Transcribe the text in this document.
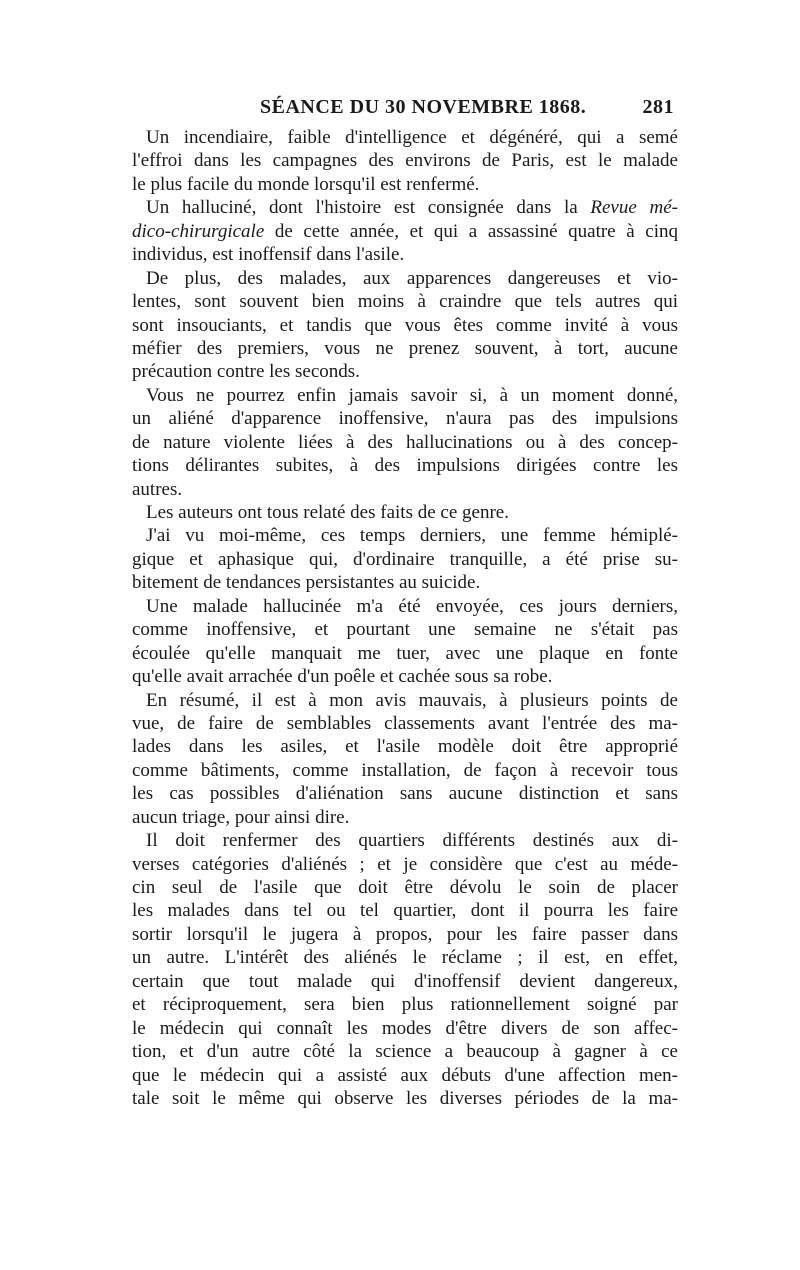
SÉANCE DU 30 NOVEMBRE 1868.	281
Un incendiaire, faible d'intelligence et dégénéré, qui a semé
l'effroi dans les campagnes des environs de Paris, est le malade
le plus facile du monde lorsqu'il est renfermé.
Un halluciné, dont l'histoire est consignée dans la Revue mé-
dico-chirurgicale de cette année, et qui a assassiné quatre à cinq
individus, est inoffensif dans l'asile.
De plus, des malades, aux apparences dangereuses et vio-
lentes, sont souvent bien moins à craindre que tels autres qui
sont insouciants, et tandis que vous êtes comme invité à vous
méfier des premiers, vous ne prenez souvent, à tort, aucune
précaution contre les seconds.
Vous ne pourrez enfin jamais savoir si, à un moment donné,
un aliéné d'apparence inoffensive, n'aura pas des impulsions
de nature violente liées à des hallucinations ou à des concep-
tions délirantes subites, à des impulsions dirigées contre les
autres.
Les auteurs ont tous relaté des faits de ce genre.
J'ai vu moi-même, ces temps derniers, une femme hémiplé-
gique et aphasique qui, d'ordinaire tranquille, a été prise su-
bitement de tendances persistantes au suicide.
Une malade hallucinée m'a été envoyée, ces jours derniers,
comme inoffensive, et pourtant une semaine ne s'était pas
écoulée qu'elle manquait me tuer, avec une plaque en fonte
qu'elle avait arrachée d'un poêle et cachée sous sa robe.
En résumé, il est à mon avis mauvais, à plusieurs points de
vue, de faire de semblables classements avant l'entrée des ma-
lades dans les asiles, et l'asile modèle doit être approprié
comme bâtiments, comme installation, de façon à recevoir tous
les cas possibles d'aliénation sans aucune distinction et sans
aucun triage, pour ainsi dire.
Il doit renfermer des quartiers différents destinés aux di-
verses catégories d'aliénés ; et je considère que c'est au méde-
cin seul de l'asile que doit être dévolu le soin de placer
les malades dans tel ou tel quartier, dont il pourra les faire
sortir lorsqu'il le jugera à propos, pour les faire passer dans
un autre. L'intérêt des aliénés le réclame ; il est, en effet,
certain que tout malade qui d'inoffensif devient dangereux,
et réciproquement, sera bien plus rationnellement soigné par
le médecin qui connaît les modes d'être divers de son affec-
tion, et d'un autre côté la science a beaucoup à gagner à ce
que le médecin qui a assisté aux débuts d'une affection men-
tale soit le même qui observe les diverses périodes de la ma-
